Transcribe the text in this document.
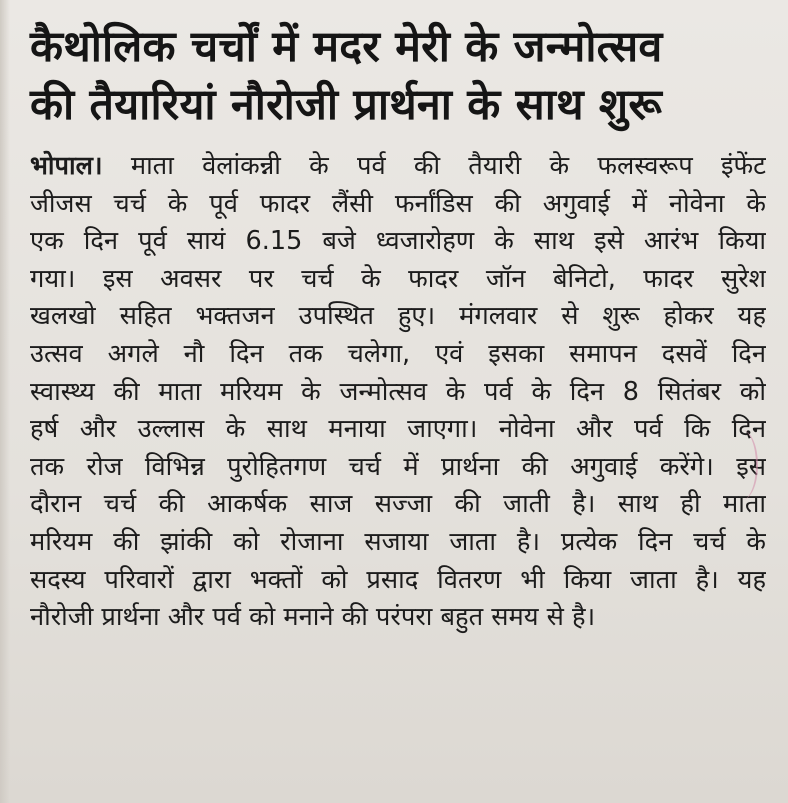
कैथोलिक चर्चों में मदर मेरी के जन्मोत्सव
की तैयारियां नौरोजी प्रार्थना के साथ शुरू
भोपाल। माता वेलांकन्नी के पर्व की तैयारी के फलस्वरूप इंफेंट
जीजस चर्च के पूर्व फादर लैंसी फर्नांडिस की अगुवाई में नोवेना के
एक दिन पूर्व सायं 6.15 बजे ध्वजारोहण के साथ इसे आरंभ किया
गया। इस अवसर पर चर्च के फादर जॉन बेनिटो, फादर सुरेश
खलखो सहित भक्तजन उपस्थित हुए। मंगलवार से शुरू होकर यह
उत्सव अगले नौ दिन तक चलेगा, एवं इसका समापन दसवें दिन
स्वास्थ्य की माता मरियम के जन्मोत्सव के पर्व के दिन 8 सितंबर को
हर्ष और उल्लास के साथ मनाया जाएगा। नोवेना और पर्व कि दिन
तक रोज विभिन्न पुरोहितगण चर्च में प्रार्थना की अगुवाई करेंगे। इस
दौरान चर्च की आकर्षक साज सज्जा की जाती है। साथ ही माता
मरियम की झांकी को रोजाना सजाया जाता है। प्रत्येक दिन चर्च के
सदस्य परिवारों द्वारा भक्तों को प्रसाद वितरण भी किया जाता है। यह
नौरोजी प्रार्थना और पर्व को मनाने की परंपरा बहुत समय से है।
